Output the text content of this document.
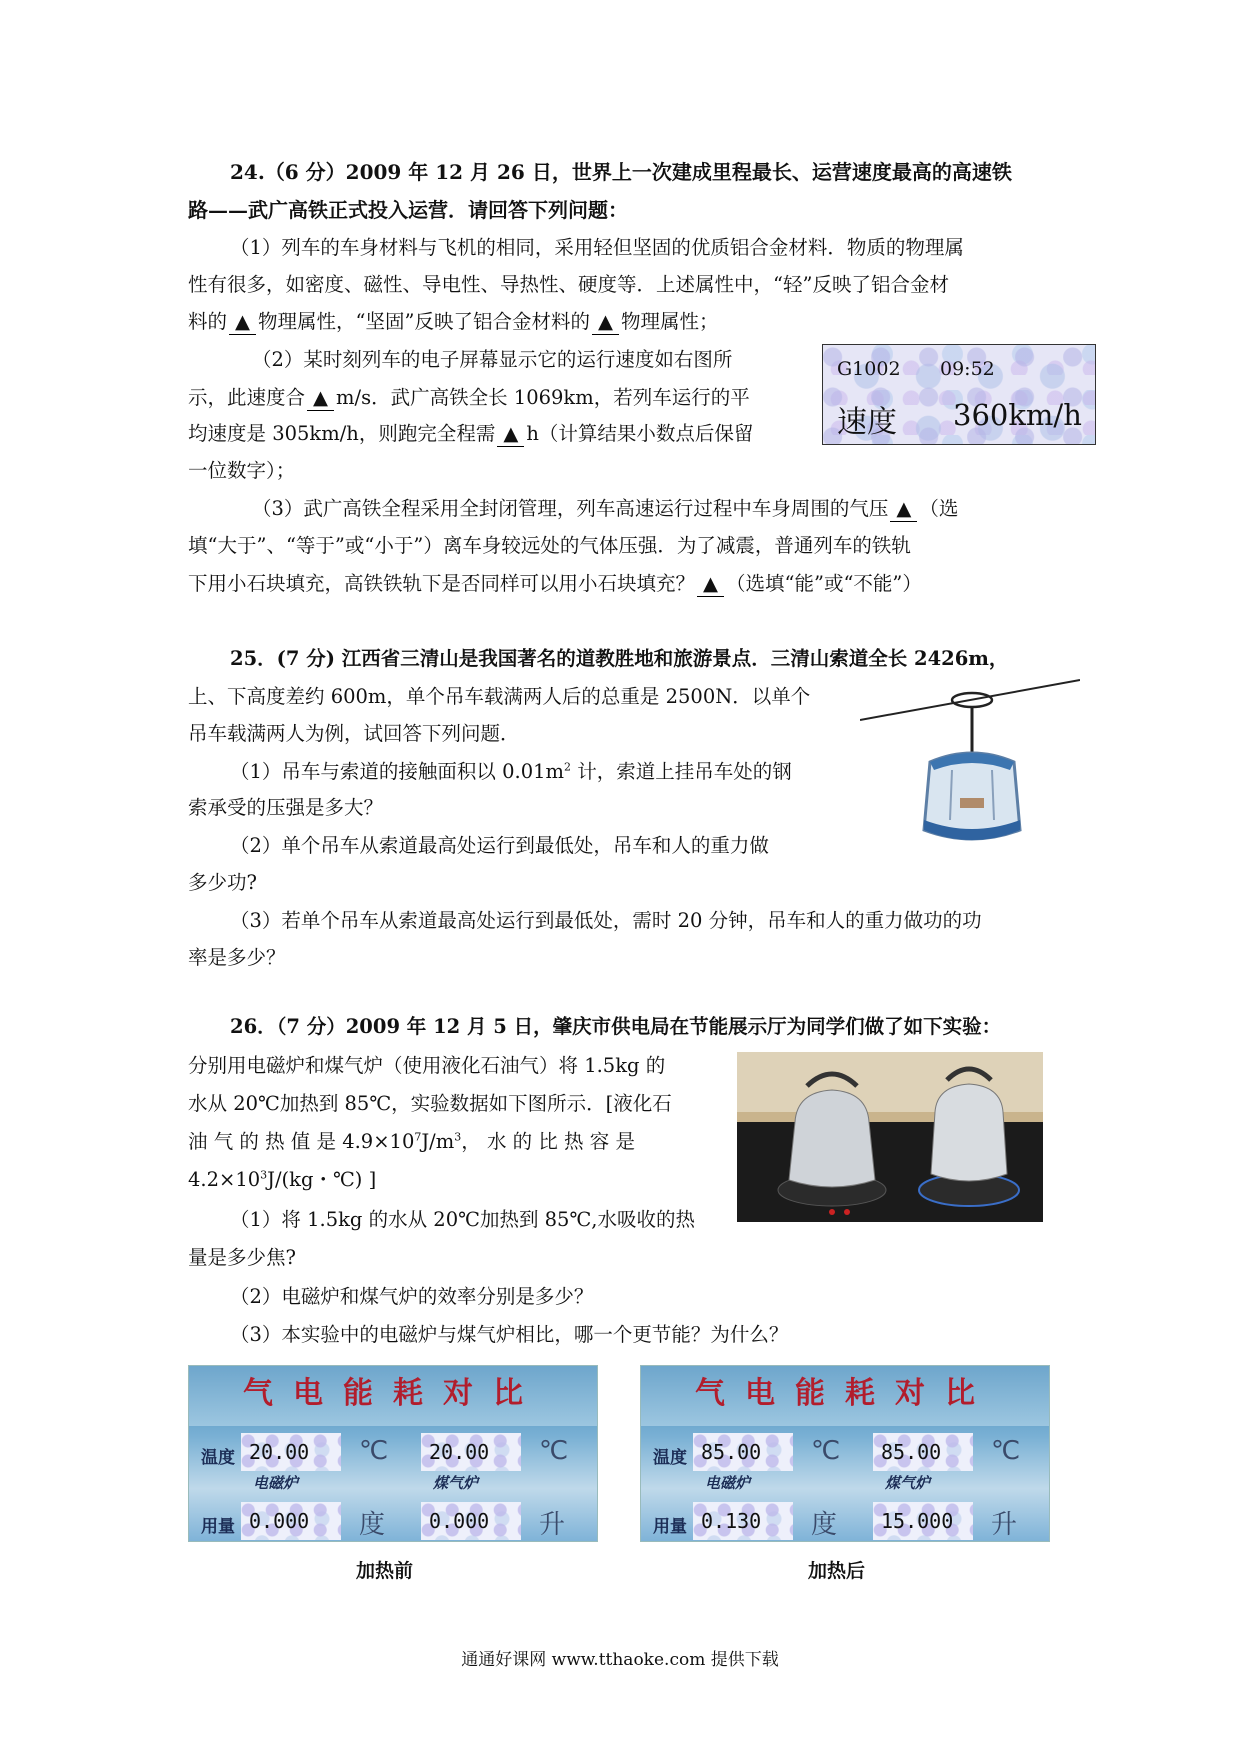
24.（6 分）2009 年 12 月 26 日，世界上一次建成里程最长、运营速度最高的高速铁
路——武广高铁正式投入运营．请回答下列问题：
（1）列车的车身材料与飞机的相同，采用轻但坚固的优质铝合金材料．物质的物理属
性有很多，如密度、磁性、导电性、导热性、硬度等．上述属性中，“轻”反映了铝合金材
料的 ▲ 物理属性，“坚固”反映了铝合金材料的 ▲ 物理属性；
（2）某时刻列车的电子屏幕显示它的运行速度如右图所
示，此速度合 ▲ m/s．武广高铁全长 1069km，若列车运行的平
均速度是 305km/h，则跑完全程需 ▲ h（计算结果小数点后保留
一位数字）；
G1002 09:52
速度 360km/h
（3）武广高铁全程采用全封闭管理，列车高速运行过程中车身周围的气压 ▲ （选
填“大于”、“等于”或“小于”）离车身较远处的气体压强．为了减震，普通列车的铁轨
下用小石块填充，高铁铁轨下是否同样可以用小石块填充？ ▲ （选填“能”或“不能”）
25．(7 分) 江西省三清山是我国著名的道教胜地和旅游景点．三清山索道全长 2426m，
上、下高度差约 600m，单个吊车载满两人后的总重是 2500N．以单个
吊车载满两人为例，试回答下列问题．
（1）吊车与索道的接触面积以 $0.01m^2$ 计，索道上挂吊车处的钢
索承受的压强是多大？
（2）单个吊车从索道最高处运行到最低处，吊车和人的重力做
多少功?
（3）若单个吊车从索道最高处运行到最低处，需时 20 分钟，吊车和人的重力做功的功
率是多少？
26．（7 分）2009 年 12 月 5 日，肇庆市供电局在节能展示厅为同学们做了如下实验：
分别用电磁炉和煤气炉（使用液化石油气）将 1.5kg 的
水从 20℃加热到 85℃，实验数据如下图所示．[液化石
油 气 的 热 值 是 $4.9\times 10^7J/m^3$， 水 的 比 热 容 是
$4.2\times 10^3J/(kg$・℃) ]
（1）将 1.5kg 的水从 20℃加热到 85℃,水吸收的热
量是多少焦?
（2）电磁炉和煤气炉的效率分别是多少？
（3）本实验中的电磁炉与煤气炉相比，哪一个更节能？为什么？
气电能耗对比
温度 20.00	℃	20.00	℃
电磁炉	煤气炉
用量 0.000	度	0.000	升
加热前
气电能耗对比
温度 85.00	℃	85.00	℃
电磁炉	煤气炉
用量 0.130	度	15.000	升
加热后
通通好课网 www.tthaoke.com 提供下载
